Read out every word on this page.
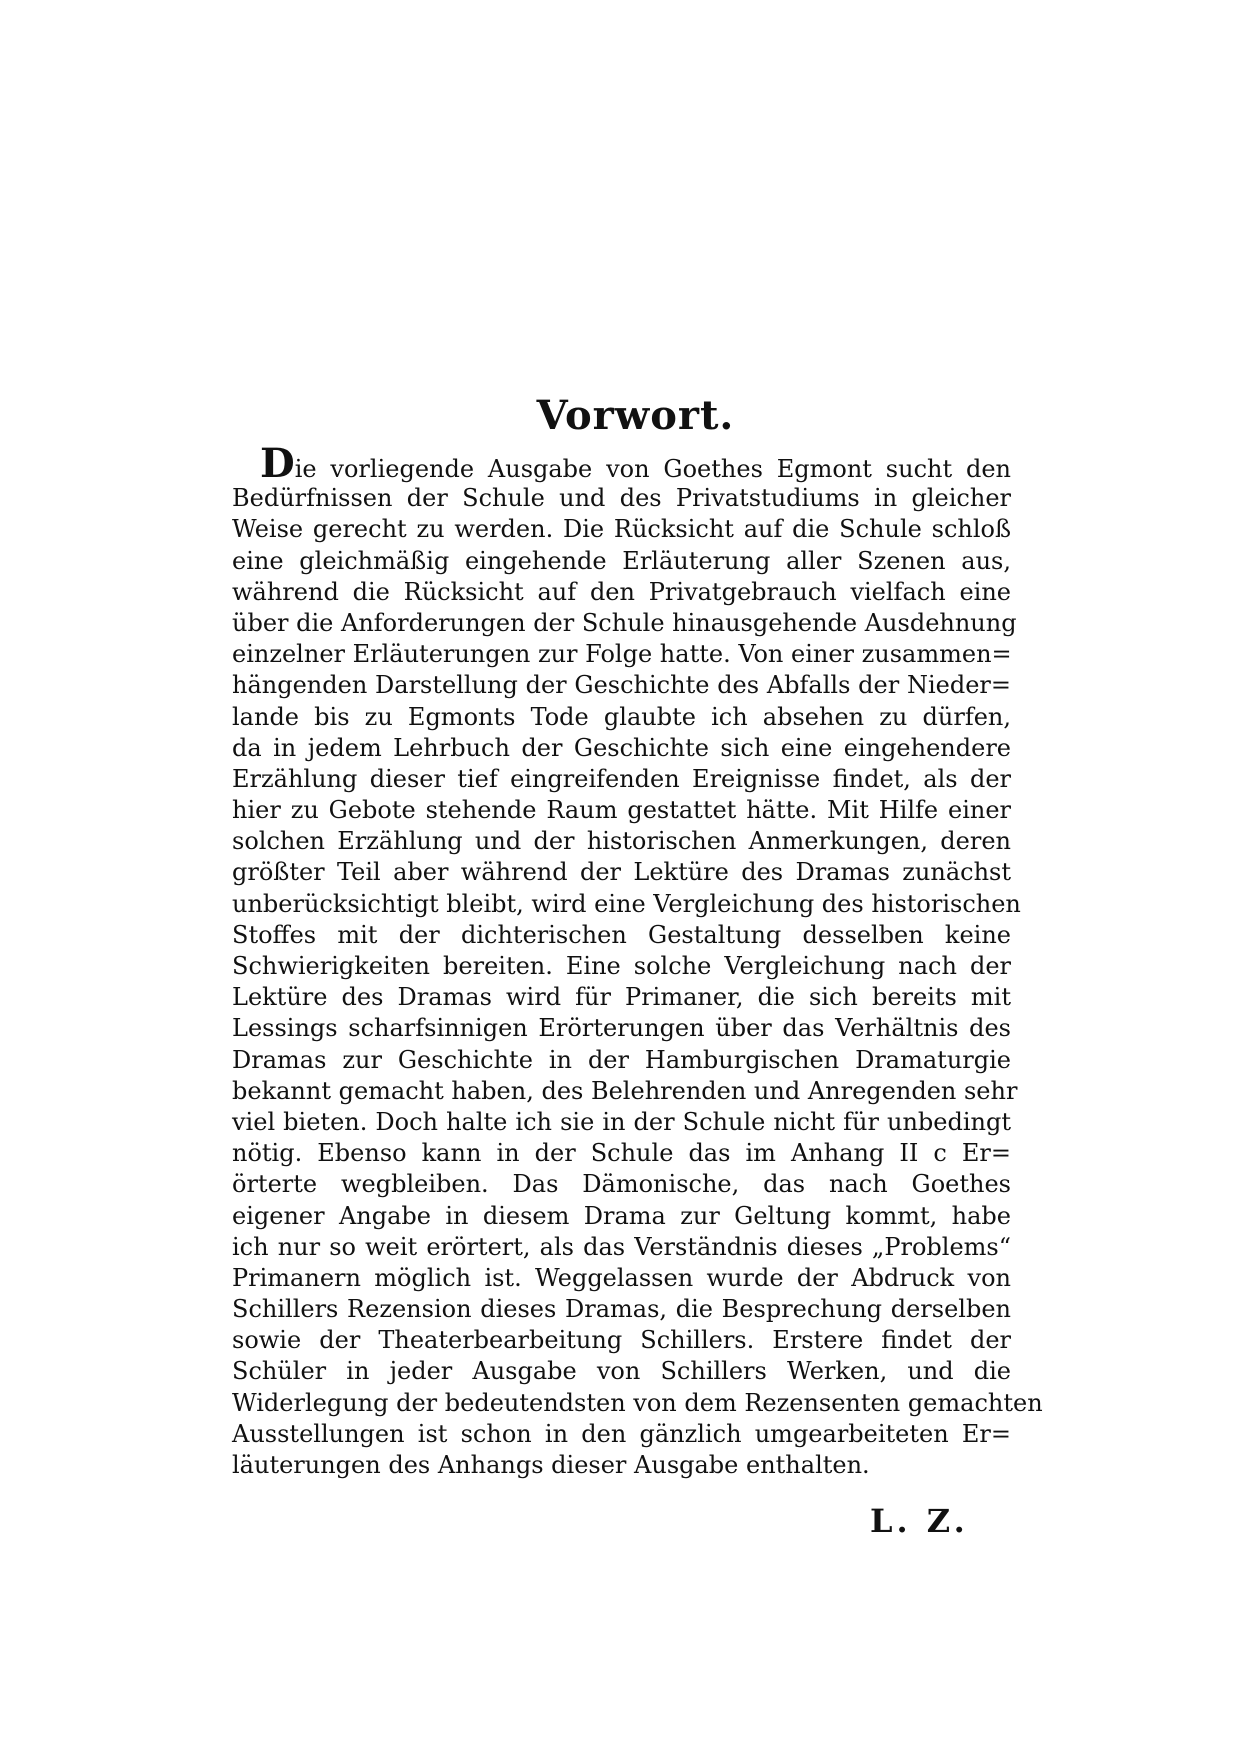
Vorwort.
Die vorliegende Ausgabe von Goethes Egmont sucht den
Bedürfnissen der Schule und des Privatstudiums in gleicher
Weise gerecht zu werden. Die Rücksicht auf die Schule schloß
eine gleichmäßig eingehende Erläuterung aller Szenen aus,
während die Rücksicht auf den Privatgebrauch vielfach eine
über die Anforderungen der Schule hinausgehende Ausdehnung
einzelner Erläuterungen zur Folge hatte. Von einer zusammen=
hängenden Darstellung der Geschichte des Abfalls der Nieder=
lande bis zu Egmonts Tode glaubte ich absehen zu dürfen,
da in jedem Lehrbuch der Geschichte sich eine eingehendere
Erzählung dieser tief eingreifenden Ereignisse findet, als der
hier zu Gebote stehende Raum gestattet hätte. Mit Hilfe einer
solchen Erzählung und der historischen Anmerkungen, deren
größter Teil aber während der Lektüre des Dramas zunächst
unberücksichtigt bleibt, wird eine Vergleichung des historischen
Stoffes mit der dichterischen Gestaltung desselben keine
Schwierigkeiten bereiten. Eine solche Vergleichung nach der
Lektüre des Dramas wird für Primaner, die sich bereits mit
Lessings scharfsinnigen Erörterungen über das Verhältnis des
Dramas zur Geschichte in der Hamburgischen Dramaturgie
bekannt gemacht haben, des Belehrenden und Anregenden sehr
viel bieten. Doch halte ich sie in der Schule nicht für unbedingt
nötig. Ebenso kann in der Schule das im Anhang II c Er=
örterte wegbleiben. Das Dämonische, das nach Goethes
eigener Angabe in diesem Drama zur Geltung kommt, habe
ich nur so weit erörtert, als das Verständnis dieses „Problems“
Primanern möglich ist. Weggelassen wurde der Abdruck von
Schillers Rezension dieses Dramas, die Besprechung derselben
sowie der Theaterbearbeitung Schillers. Erstere findet der
Schüler in jeder Ausgabe von Schillers Werken, und die
Widerlegung der bedeutendsten von dem Rezensenten gemachten
Ausstellungen ist schon in den gänzlich umgearbeiteten Er=
läuterungen des Anhangs dieser Ausgabe enthalten.
L. Z.
